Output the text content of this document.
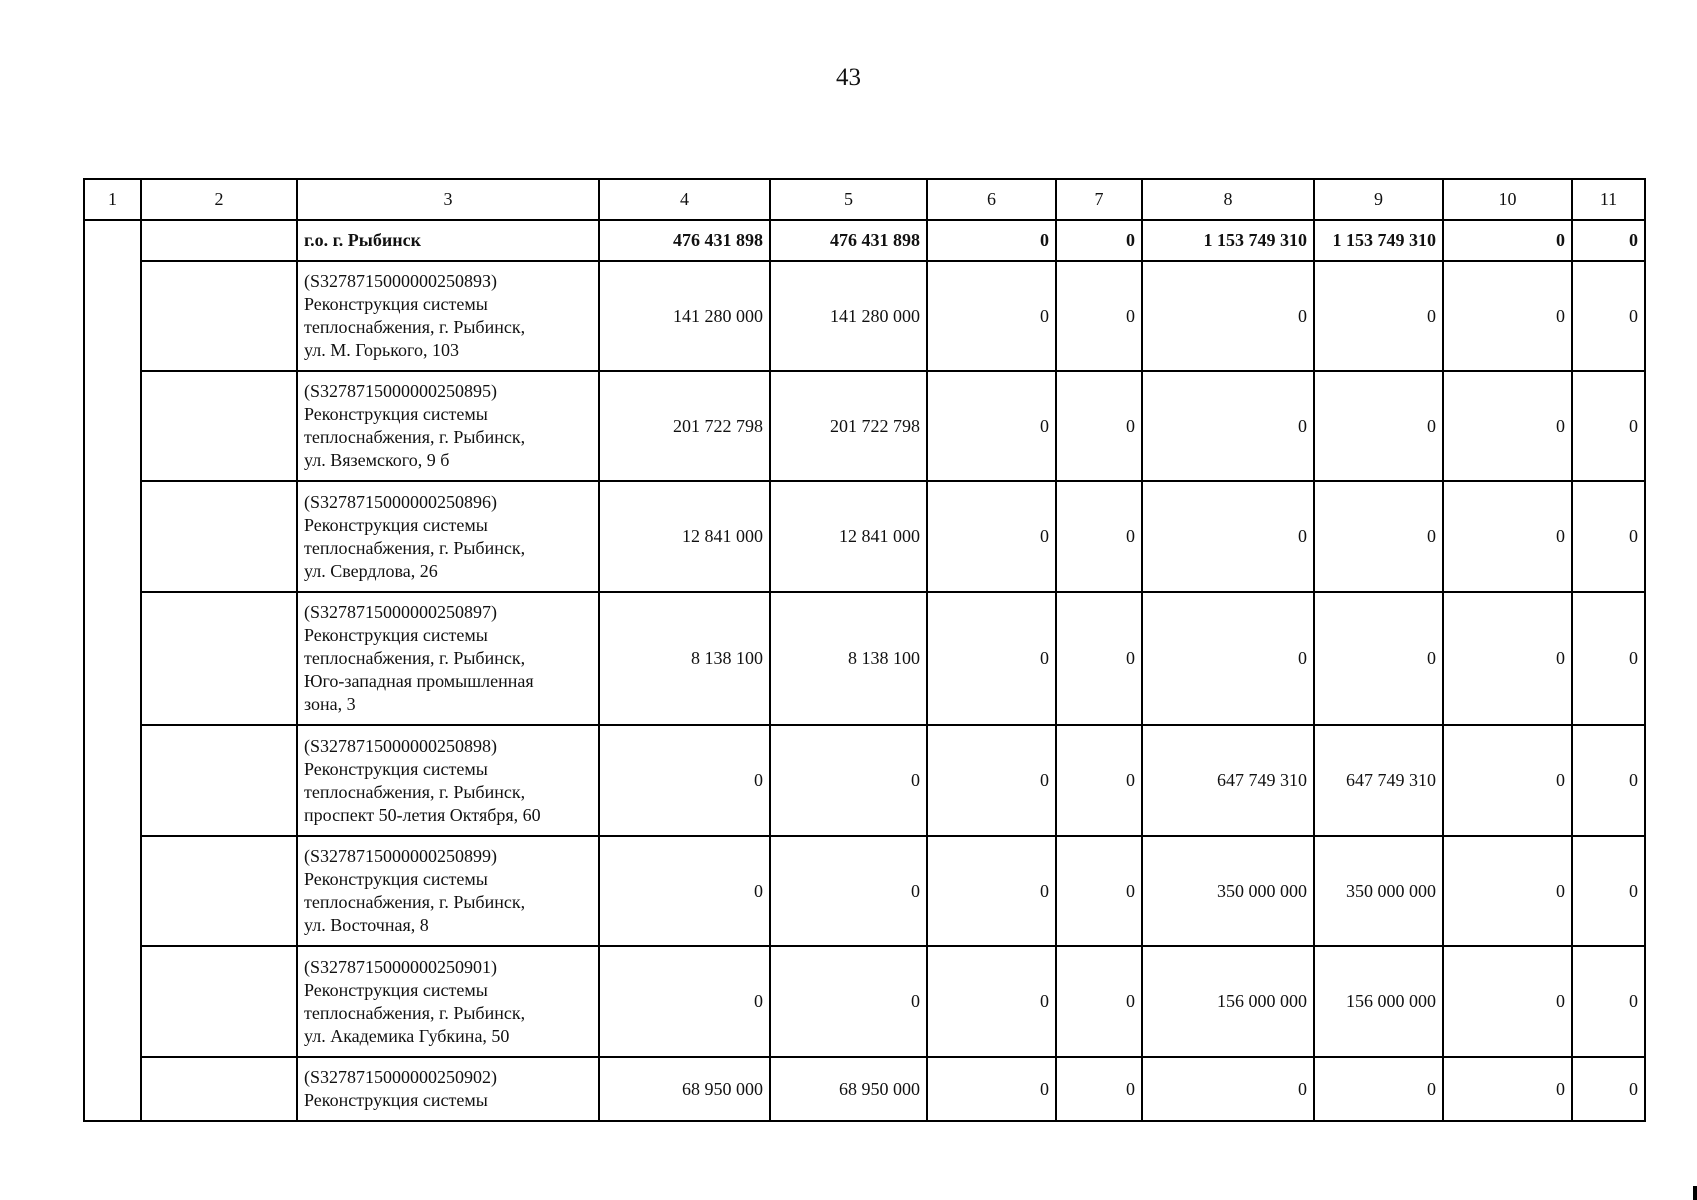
43
1	2	3	4	5	6	7	8	9	10	11
		г.о. г. Рыбинск	476 431 898	476 431 898	0	0	1 153 749 310	1 153 749 310	0	0

		(S327871500000025089З)
Реконструкция системы
теплоснабжения, г. Рыбинск,
ул. М. Горького, 103	141 280 000	141 280 000	0	0	0	0	0	0

		(S3278715000000250895)
Реконструкция системы
теплоснабжения, г. Рыбинск,
ул. Вяземского, 9 б	201 722 798	201 722 798	0	0	0	0	0	0

		(S3278715000000250896)
Реконструкция системы
теплоснабжения, г. Рыбинск,
ул. Свердлова, 26	12 841 000	12 841 000	0	0	0	0	0	0

		(S3278715000000250897)
Реконструкция системы
теплоснабжения, г. Рыбинск,
Юго-западная промышленная
зона, 3	8 138 100	8 138 100	0	0	0	0	0	0

		(S3278715000000250898)
Реконструкция системы
теплоснабжения, г. Рыбинск,
проспект 50-летия Октября, 60	0	0	0	0	647 749 310	647 749 310	0	0

		(S3278715000000250899)
Реконструкция системы
теплоснабжения, г. Рыбинск,
ул. Восточная, 8	0	0	0	0	350 000 000	350 000 000	0	0

		(S3278715000000250901)
Реконструкция системы
теплоснабжения, г. Рыбинск,
ул. Академика Губкина, 50	0	0	0	0	156 000 000	156 000 000	0	0

		(S3278715000000250902)
Реконструкция системы	68 950 000	68 950 000	0	0	0	0	0	0
